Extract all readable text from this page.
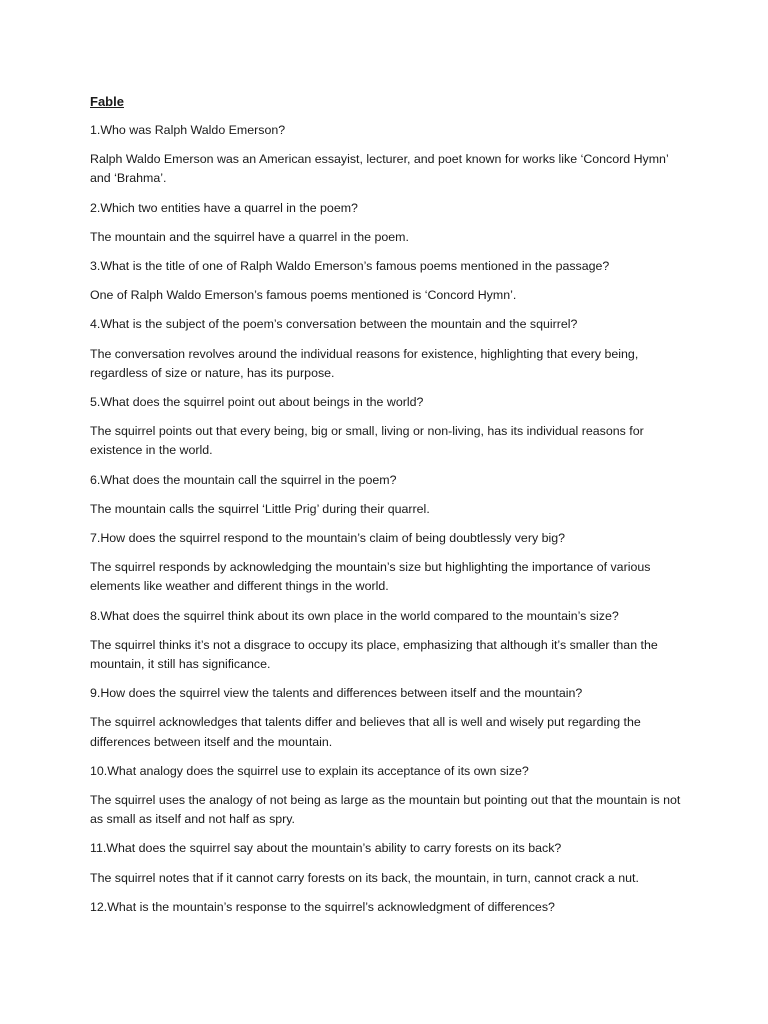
Fable

1.Who was Ralph Waldo Emerson?

Ralph Waldo Emerson was an American essayist, lecturer, and poet known for works like ‘Concord Hymn’ and ‘Brahma’.

2.Which two entities have a quarrel in the poem?

The mountain and the squirrel have a quarrel in the poem.

3.What is the title of one of Ralph Waldo Emerson’s famous poems mentioned in the passage?

One of Ralph Waldo Emerson’s famous poems mentioned is ‘Concord Hymn’.

4.What is the subject of the poem’s conversation between the mountain and the squirrel?

The conversation revolves around the individual reasons for existence, highlighting that every being, regardless of size or nature, has its purpose.

5.What does the squirrel point out about beings in the world?

The squirrel points out that every being, big or small, living or non-living, has its individual reasons for existence in the world.

6.What does the mountain call the squirrel in the poem?

The mountain calls the squirrel ‘Little Prig’ during their quarrel.

7.How does the squirrel respond to the mountain’s claim of being doubtlessly very big?

The squirrel responds by acknowledging the mountain’s size but highlighting the importance of various elements like weather and different things in the world.

8.What does the squirrel think about its own place in the world compared to the mountain’s size?

The squirrel thinks it’s not a disgrace to occupy its place, emphasizing that although it’s smaller than the mountain, it still has significance.

9.How does the squirrel view the talents and differences between itself and the mountain?

The squirrel acknowledges that talents differ and believes that all is well and wisely put regarding the differences between itself and the mountain.

10.What analogy does the squirrel use to explain its acceptance of its own size?

The squirrel uses the analogy of not being as large as the mountain but pointing out that the mountain is not as small as itself and not half as spry.

11.What does the squirrel say about the mountain’s ability to carry forests on its back?

The squirrel notes that if it cannot carry forests on its back, the mountain, in turn, cannot crack a nut.

12.What is the mountain’s response to the squirrel’s acknowledgment of differences?
